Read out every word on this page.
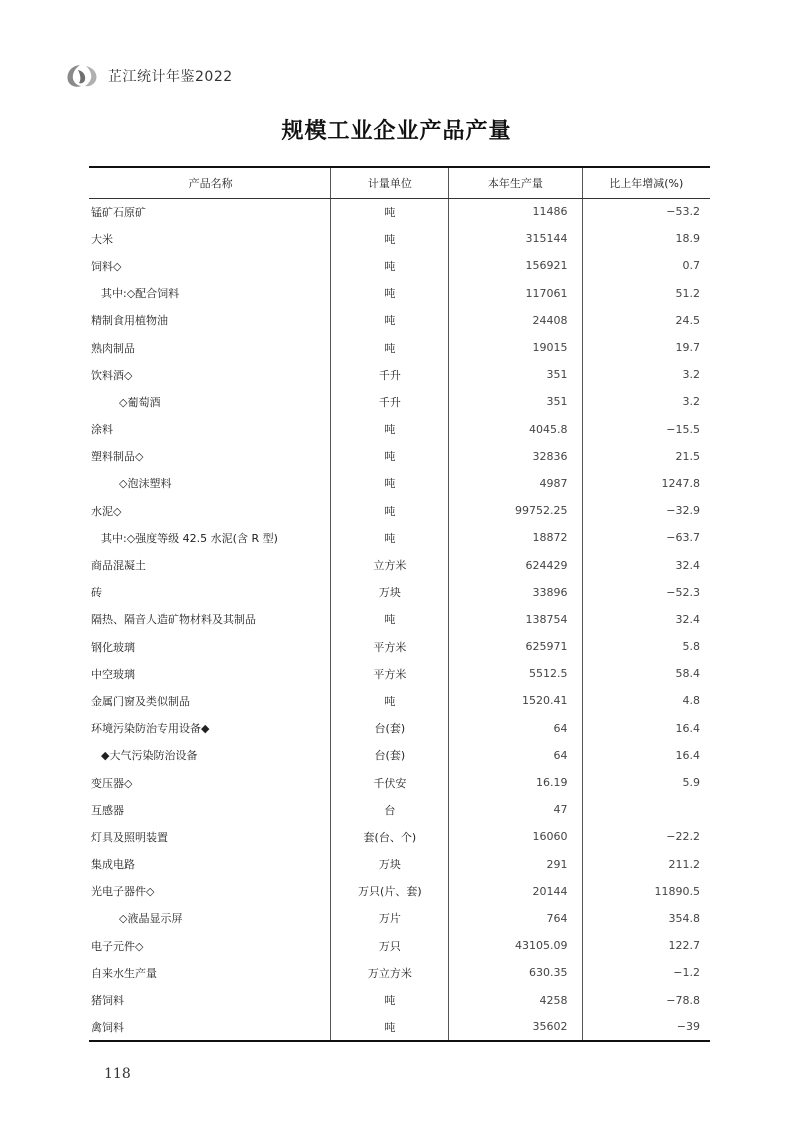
芷江统计年鉴2022
规模工业企业产品产量
产品名称	计量单位	本年生产量	比上年增减(%)
锰矿石原矿	吨	11486	−53.2
大米	吨	315144	18.9
饲料◇	吨	156921	0.7
其中:◇配合饲料	吨	117061	51.2
精制食用植物油	吨	24408	24.5
熟肉制品	吨	19015	19.7
饮料酒◇	千升	351	3.2
◇葡萄酒	千升	351	3.2
涂料	吨	4045.8	−15.5
塑料制品◇	吨	32836	21.5
◇泡沫塑料	吨	4987	1247.8
水泥◇	吨	99752.25	−32.9
其中:◇强度等级 42.5 水泥(含 R 型)	吨	18872	−63.7
商品混凝土	立方米	624429	32.4
砖	万块	33896	−52.3
隔热、隔音人造矿物材料及其制品	吨	138754	32.4
钢化玻璃	平方米	625971	5.8
中空玻璃	平方米	5512.5	58.4
金属门窗及类似制品	吨	1520.41	4.8
环境污染防治专用设备◆	台(套)	64	16.4
◆大气污染防治设备	台(套)	64	16.4
变压器◇	千伏安	16.19	5.9
互感器	台	47	
灯具及照明装置	套(台、个)	16060	−22.2
集成电路	万块	291	211.2
光电子器件◇	万只(片、套)	20144	11890.5
◇液晶显示屏	万片	764	354.8
电子元件◇	万只	43105.09	122.7
自来水生产量	万立方米	630.35	−1.2
猪饲料	吨	4258	−78.8
禽饲料	吨	35602	−39
118
